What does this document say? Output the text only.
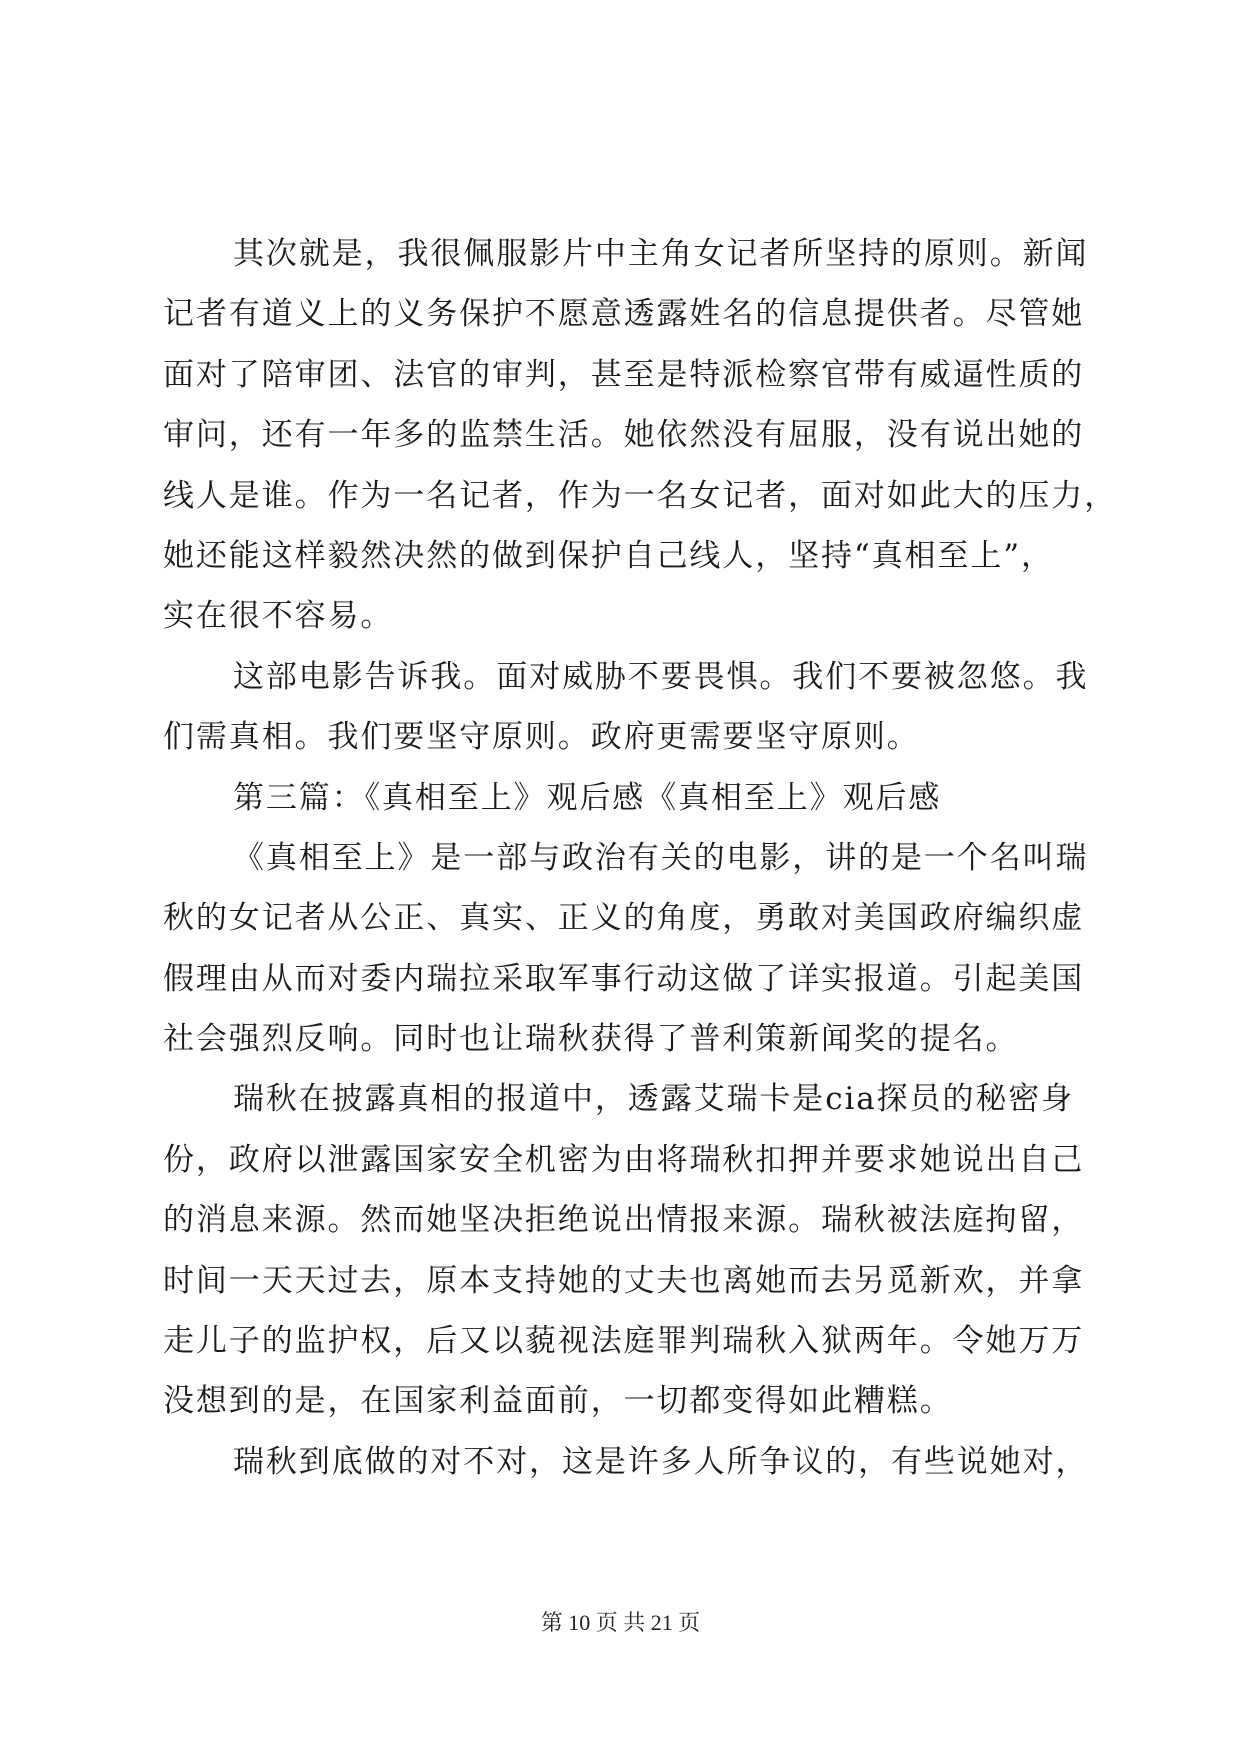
其次就是，我很佩服影片中主角女记者所坚持的原则。新闻
记者有道义上的义务保护不愿意透露姓名的信息提供者。尽管她
面对了陪审团、法官的审判，甚至是特派检察官带有威逼性质的
审问，还有一年多的监禁生活。她依然没有屈服，没有说出她的
线人是谁。作为一名记者，作为一名女记者，面对如此大的压力，
她还能这样毅然决然的做到保护自己线人，坚持“真相至上”，
实在很不容易。
这部电影告诉我。面对威胁不要畏惧。我们不要被忽悠。我
们需真相。我们要坚守原则。政府更需要坚守原则。
第三篇：《真相至上》观后感《真相至上》观后感
《真相至上》是一部与政治有关的电影，讲的是一个名叫瑞
秋的女记者从公正、真实、正义的角度，勇敢对美国政府编织虚
假理由从而对委内瑞拉采取军事行动这做了详实报道。引起美国
社会强烈反响。同时也让瑞秋获得了普利策新闻奖的提名。
瑞秋在披露真相的报道中，透露艾瑞卡是cia探员的秘密身
份，政府以泄露国家安全机密为由将瑞秋扣押并要求她说出自己
的消息来源。然而她坚决拒绝说出情报来源。瑞秋被法庭拘留，
时间一天天过去，原本支持她的丈夫也离她而去另觅新欢，并拿
走儿子的监护权，后又以藐视法庭罪判瑞秋入狱两年。令她万万
没想到的是，在国家利益面前，一切都变得如此糟糕。
瑞秋到底做的对不对，这是许多人所争议的，有些说她对，
第 10 页 共 21 页
